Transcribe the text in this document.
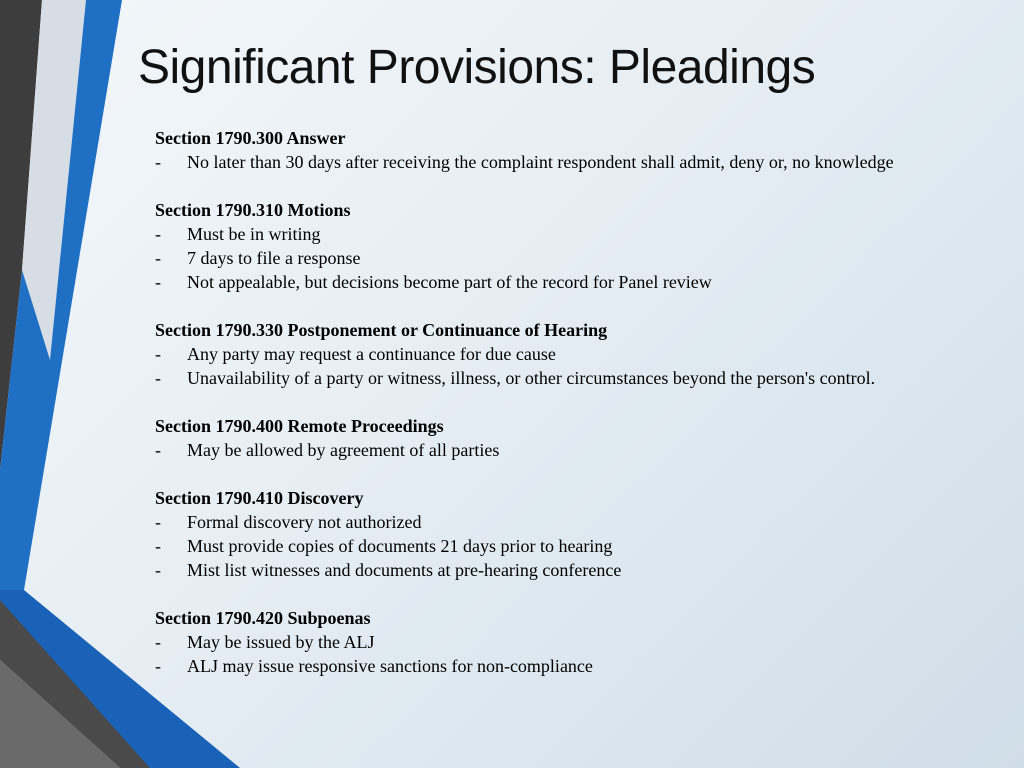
Significant Provisions: Pleadings
Section 1790.300 Answer
- No later than 30 days after receiving the complaint respondent shall admit, deny or, no knowledge
Section 1790.310 Motions
- Must be in writing
- 7 days to file a response
- Not appealable, but decisions become part of the record for Panel review
Section 1790.330 Postponement or Continuance of Hearing
- Any party may request a continuance for due cause
- Unavailability of a party or witness, illness, or other circumstances beyond the person's control.
Section 1790.400 Remote Proceedings
- May be allowed by agreement of all parties
Section 1790.410 Discovery
- Formal discovery not authorized
- Must provide copies of documents 21 days prior to hearing
- Mist list witnesses and documents at pre-hearing conference
Section 1790.420 Subpoenas
- May be issued by the ALJ
- ALJ may issue responsive sanctions for non-compliance
